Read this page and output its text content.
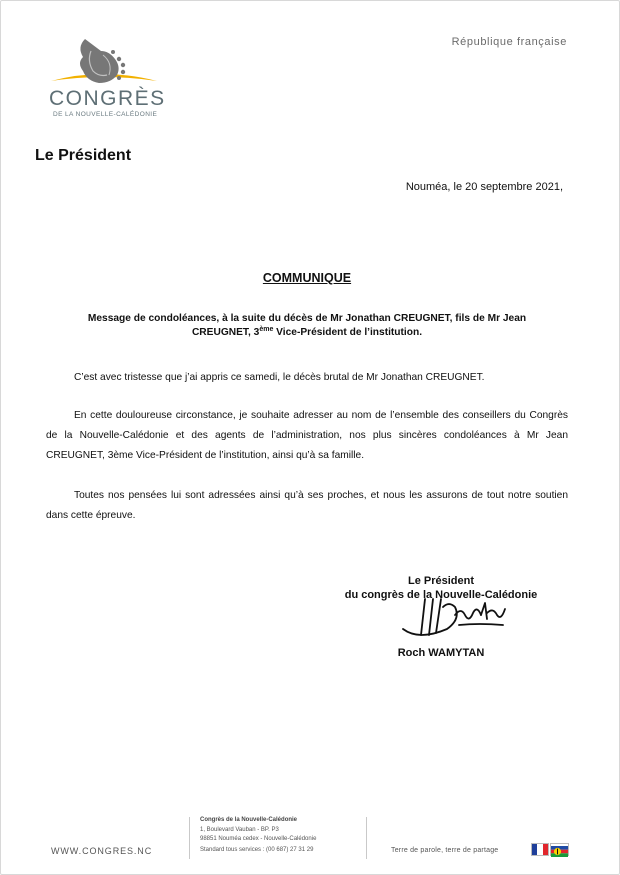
CONGRÈS
DE LA NOUVELLE-CALÉDONIE
République française
Le Président
Nouméa, le 20 septembre 2021,
COMMUNIQUE
Message de condoléances, à la suite du décès de Mr Jonathan CREUGNET, fils de Mr Jean
CREUGNET, 3ème Vice-Président de l’institution.
C’est avec tristesse que j’ai appris ce samedi, le décès brutal de Mr Jonathan CREUGNET.
En cette douloureuse circonstance, je souhaite adresser au nom de l’ensemble des conseillers du Congrès de la Nouvelle-Calédonie et des agents de l’administration, nos plus sincères condoléances à Mr Jean CREUGNET, 3ème Vice-Président de l’institution, ainsi qu’à sa famille.
Toutes nos pensées lui sont adressées ainsi qu’à ses proches, et nous les assurons de tout notre soutien dans cette épreuve.
Le Président
du congrès de la Nouvelle-Calédonie
Roch WAMYTAN
WWW.CONGRES.NC
Congrès de la Nouvelle-Calédonie
1, Boulevard Vauban - BP. P3
98851 Nouméa cedex - Nouvelle-Calédonie
Standard tous services : (00 687) 27 31 29	Terre de parole, terre de partage
